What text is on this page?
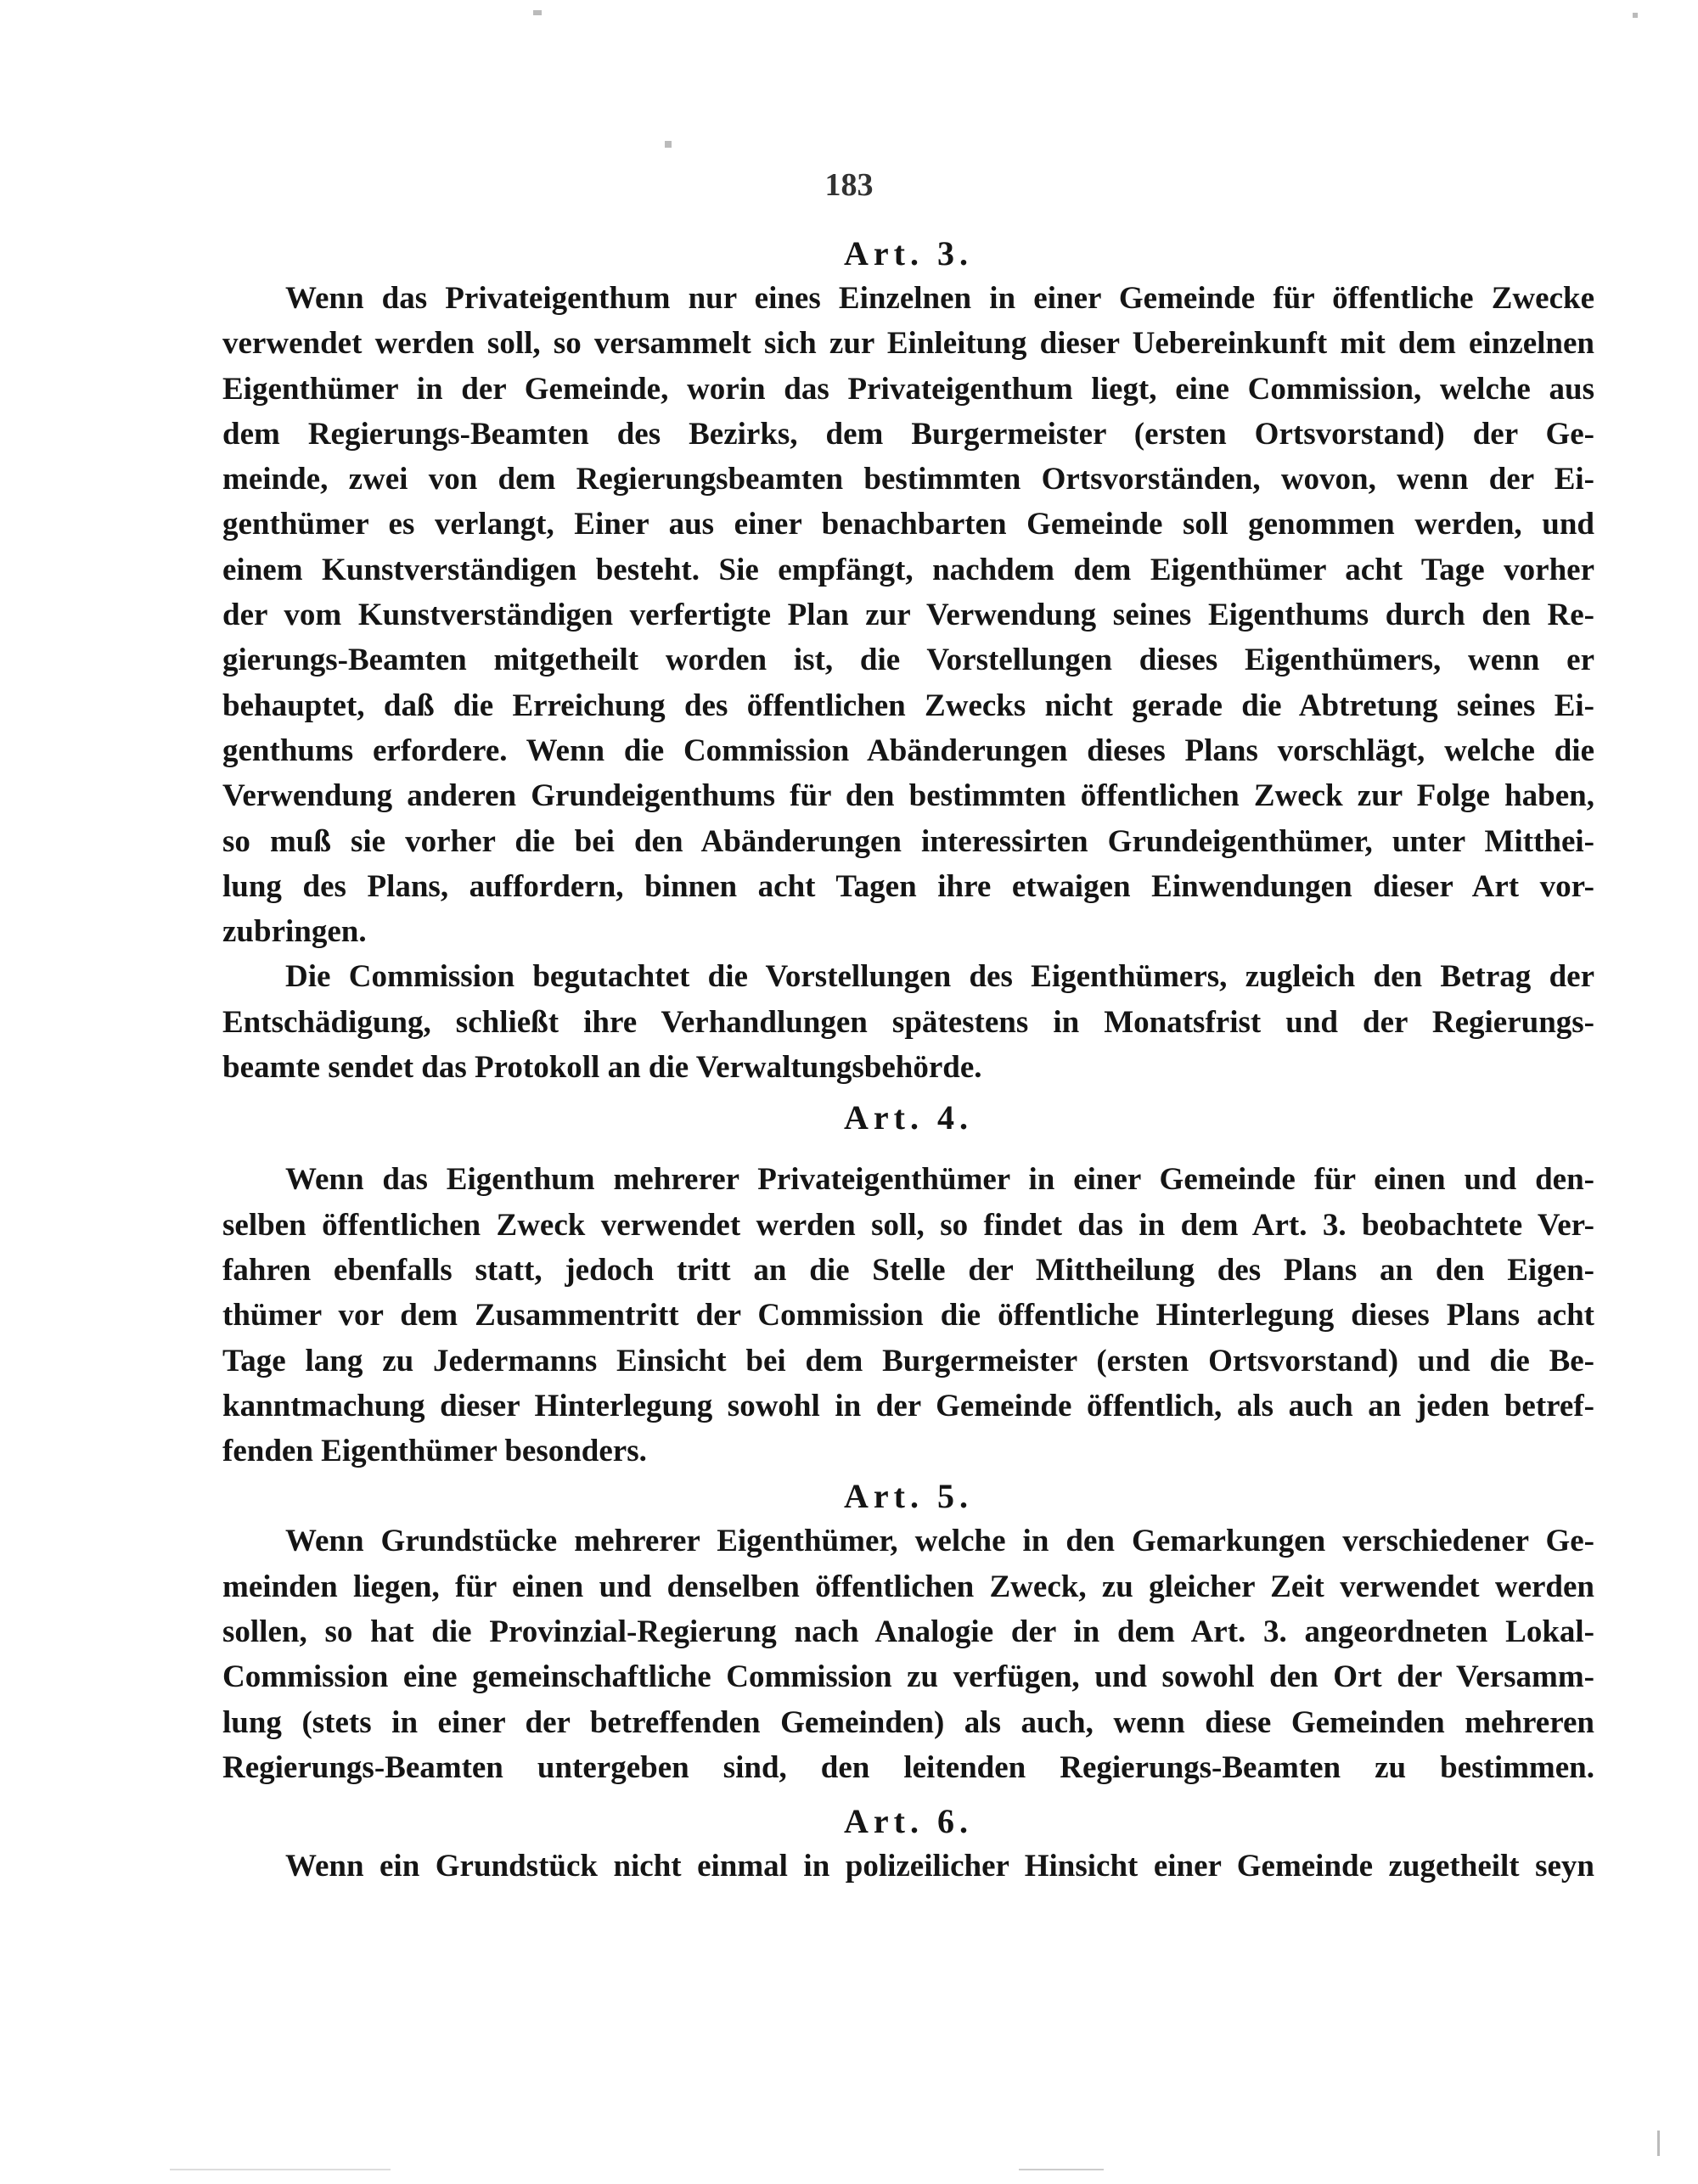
183
Art. 3.
Wenn das Privateigenthum nur eines Einzelnen in einer Gemeinde für öffentliche Zwecke
verwendet werden soll, so versammelt sich zur Einleitung dieser Uebereinkunft mit dem einzelnen
Eigenthümer in der Gemeinde, worin das Privateigenthum liegt, eine Commission, welche aus
dem Regierungs-Beamten des Bezirks, dem Burgermeister (ersten Ortsvorstand) der Ge-
meinde, zwei von dem Regierungsbeamten bestimmten Ortsvorständen, wovon, wenn der Ei-
genthümer es verlangt, Einer aus einer benachbarten Gemeinde soll genommen werden, und
einem Kunstverständigen besteht. Sie empfängt, nachdem dem Eigenthümer acht Tage vorher
der vom Kunstverständigen verfertigte Plan zur Verwendung seines Eigenthums durch den Re-
gierungs-Beamten mitgetheilt worden ist, die Vorstellungen dieses Eigenthümers, wenn er
behauptet, daß die Erreichung des öffentlichen Zwecks nicht gerade die Abtretung seines Ei-
genthums erfordere. Wenn die Commission Abänderungen dieses Plans vorschlägt, welche die
Verwendung anderen Grundeigenthums für den bestimmten öffentlichen Zweck zur Folge haben,
so muß sie vorher die bei den Abänderungen interessirten Grundeigenthümer, unter Mitthei-
lung des Plans, auffordern, binnen acht Tagen ihre etwaigen Einwendungen dieser Art vor-
zubringen.
Die Commission begutachtet die Vorstellungen des Eigenthümers, zugleich den Betrag der
Entschädigung, schließt ihre Verhandlungen spätestens in Monatsfrist und der Regierungs-
beamte sendet das Protokoll an die Verwaltungsbehörde.
Art. 4.
Wenn das Eigenthum mehrerer Privateigenthümer in einer Gemeinde für einen und den-
selben öffentlichen Zweck verwendet werden soll, so findet das in dem Art. 3. beobachtete Ver-
fahren ebenfalls statt, jedoch tritt an die Stelle der Mittheilung des Plans an den Eigen-
thümer vor dem Zusammentritt der Commission die öffentliche Hinterlegung dieses Plans acht
Tage lang zu Jedermanns Einsicht bei dem Burgermeister (ersten Ortsvorstand) und die Be-
kanntmachung dieser Hinterlegung sowohl in der Gemeinde öffentlich, als auch an jeden betref-
fenden Eigenthümer besonders.
Art. 5.
Wenn Grundstücke mehrerer Eigenthümer, welche in den Gemarkungen verschiedener Ge-
meinden liegen, für einen und denselben öffentlichen Zweck, zu gleicher Zeit verwendet werden
sollen, so hat die Provinzial-Regierung nach Analogie der in dem Art. 3. angeordneten Lokal-
Commission eine gemeinschaftliche Commission zu verfügen, und sowohl den Ort der Versamm-
lung (stets in einer der betreffenden Gemeinden) als auch, wenn diese Gemeinden mehreren
Regierungs-Beamten untergeben sind, den leitenden Regierungs-Beamten zu bestimmen.
Art. 6.
Wenn ein Grundstück nicht einmal in polizeilicher Hinsicht einer Gemeinde zugetheilt seyn
